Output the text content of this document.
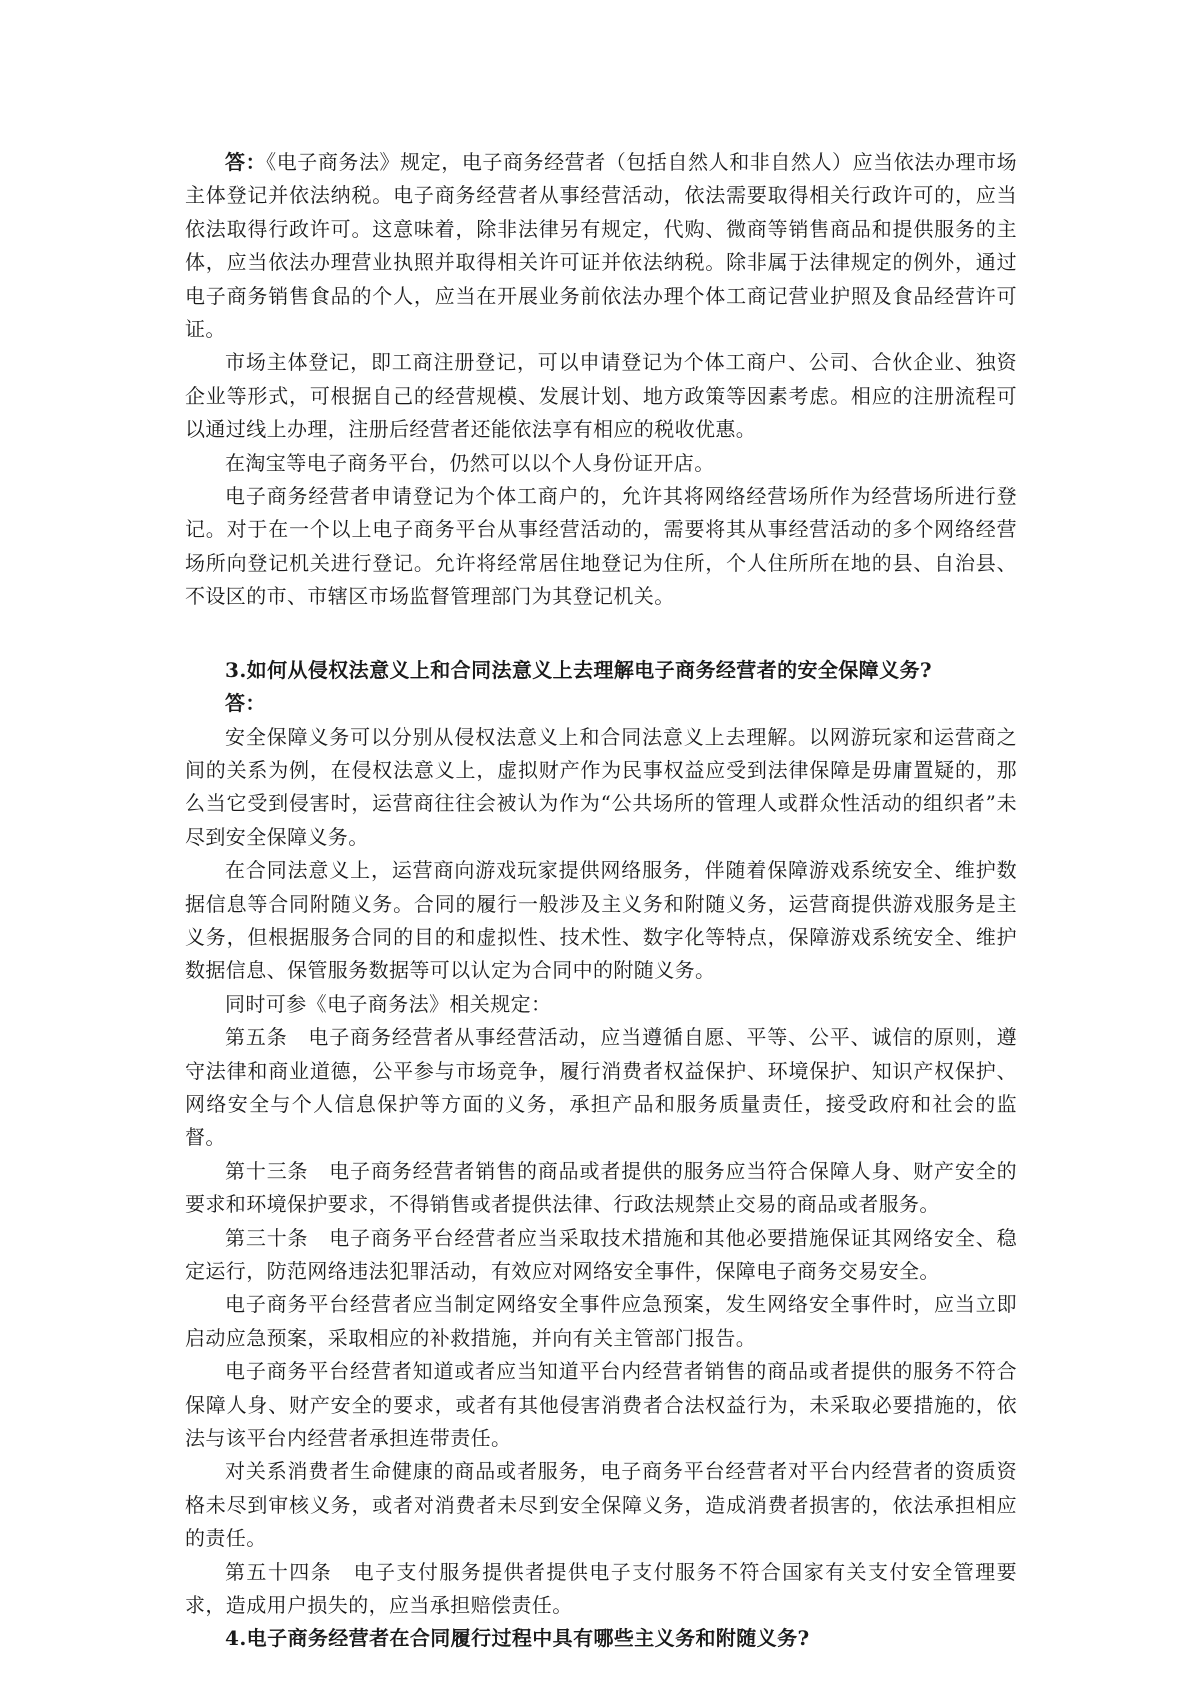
答：《电子商务法》规定，电子商务经营者（包括自然人和非自然人）应当依法办理市场主体登记并依法纳税。电子商务经营者从事经营活动，依法需要取得相关行政许可的，应当依法取得行政许可。这意味着，除非法律另有规定，代购、微商等销售商品和提供服务的主体，应当依法办理营业执照并取得相关许可证并依法纳税。除非属于法律规定的例外，通过电子商务销售食品的个人，应当在开展业务前依法办理个体工商记营业护照及食品经营许可证。

市场主体登记，即工商注册登记，可以申请登记为个体工商户、公司、合伙企业、独资企业等形式，可根据自己的经营规模、发展计划、地方政策等因素考虑。相应的注册流程可以通过线上办理，注册后经营者还能依法享有相应的税收优惠。

在淘宝等电子商务平台，仍然可以以个人身份证开店。

电子商务经营者申请登记为个体工商户的，允许其将网络经营场所作为经营场所进行登记。对于在一个以上电子商务平台从事经营活动的，需要将其从事经营活动的多个网络经营场所向登记机关进行登记。允许将经常居住地登记为住所，个人住所所在地的县、自治县、不设区的市、市辖区市场监督管理部门为其登记机关。

3.如何从侵权法意义上和合同法意义上去理解电子商务经营者的安全保障义务?

答：

安全保障义务可以分别从侵权法意义上和合同法意义上去理解。以网游玩家和运营商之间的关系为例，在侵权法意义上，虚拟财产作为民事权益应受到法律保障是毋庸置疑的，那么当它受到侵害时，运营商往往会被认为作为“公共场所的管理人或群众性活动的组织者”未尽到安全保障义务。

在合同法意义上，运营商向游戏玩家提供网络服务，伴随着保障游戏系统安全、维护数据信息等合同附随义务。合同的履行一般涉及主义务和附随义务，运营商提供游戏服务是主义务，但根据服务合同的目的和虚拟性、技术性、数字化等特点，保障游戏系统安全、维护数据信息、保管服务数据等可以认定为合同中的附随义务。

同时可参《电子商务法》相关规定：

第五条　电子商务经营者从事经营活动，应当遵循自愿、平等、公平、诚信的原则，遵守法律和商业道德，公平参与市场竞争，履行消费者权益保护、环境保护、知识产权保护、网络安全与个人信息保护等方面的义务，承担产品和服务质量责任，接受政府和社会的监督。

第十三条　电子商务经营者销售的商品或者提供的服务应当符合保障人身、财产安全的要求和环境保护要求，不得销售或者提供法律、行政法规禁止交易的商品或者服务。

第三十条　电子商务平台经营者应当采取技术措施和其他必要措施保证其网络安全、稳定运行，防范网络违法犯罪活动，有效应对网络安全事件，保障电子商务交易安全。

电子商务平台经营者应当制定网络安全事件应急预案，发生网络安全事件时，应当立即启动应急预案，采取相应的补救措施，并向有关主管部门报告。

电子商务平台经营者知道或者应当知道平台内经营者销售的商品或者提供的服务不符合保障人身、财产安全的要求，或者有其他侵害消费者合法权益行为，未采取必要措施的，依法与该平台内经营者承担连带责任。

对关系消费者生命健康的商品或者服务，电子商务平台经营者对平台内经营者的资质资格未尽到审核义务，或者对消费者未尽到安全保障义务，造成消费者损害的，依法承担相应的责任。

第五十四条　电子支付服务提供者提供电子支付服务不符合国家有关支付安全管理要求，造成用户损失的，应当承担赔偿责任。

4.电子商务经营者在合同履行过程中具有哪些主义务和附随义务?
